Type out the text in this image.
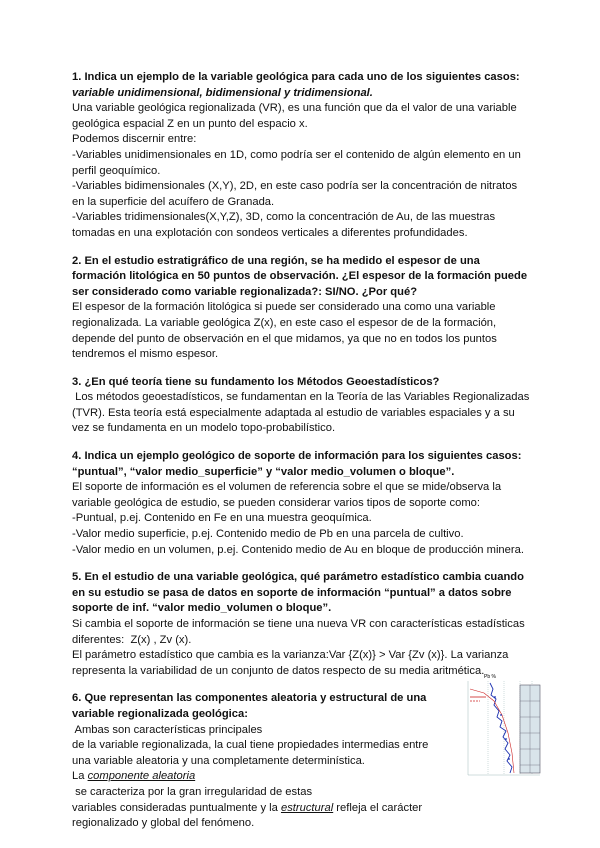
1. Indica un ejemplo de la variable geológica para cada uno de los siguientes casos:

variable unidimensional, bidimensional y tridimensional.

Una variable geológica regionalizada (VR), es una función que da el valor de una variable

geológica espacial Z en un punto del espacio x.

Podemos discernir entre:

-Variables unidimensionales en 1D, como podría ser el contenido de algún elemento en un

perfil geoquímico.

-Variables bidimensionales (X,Y), 2D, en este caso podría ser la concentración de nitratos

en la superficie del acuífero de Granada.

-Variables tridimensionales(X,Y,Z), 3D, como la concentración de Au, de las muestras

tomadas en una explotación con sondeos verticales a diferentes profundidades.

2. En el estudio estratigráfico de una región, se ha medido el espesor de una

formación litológica en 50 puntos de observación. ¿El espesor de la formación puede

ser considerado como variable regionalizada?: SI/NO. ¿Por qué?

El espesor de la formación litológica si puede ser considerado una como una variable

regionalizada. La variable geológica Z(x), en este caso el espesor de de la formación,

depende del punto de observación en el que midamos, ya que no en todos los puntos

tendremos el mismo espesor.

3. ¿En qué teoría tiene su fundamento los Métodos Geoestadísticos?

Los métodos geoestadísticos, se fundamentan en la Teoría de las Variables Regionalizadas

(TVR). Esta teoría está especialmente adaptada al estudio de variables espaciales y a su

vez se fundamenta en un modelo topo-probabilístico.

4. Indica un ejemplo geológico de soporte de información para los siguientes casos:

“puntual”, “valor medio_superficie” y “valor medio_volumen o bloque”.

El soporte de información es el volumen de referencia sobre el que se mide/observa la

variable geológica de estudio, se pueden considerar varios tipos de soporte como:

-Puntual, p.ej. Contenido en Fe en una muestra geoquímica.

-Valor medio superficie, p.ej. Contenido medio de Pb en una parcela de cultivo.

-Valor medio en un volumen, p.ej. Contenido medio de Au en bloque de producción minera.

5. En el estudio de una variable geológica, qué parámetro estadístico cambia cuando

en su estudio se pasa de datos en soporte de información “puntual” a datos sobre

soporte de inf. “valor medio_volumen o bloque”.

Si cambia el soporte de información se tiene una nueva VR con características estadísticas

diferentes:  Z(x) , Zv (x).

El parámetro estadístico que cambia es la varianza:Var {Z(x)} > Var {Zv (x)}. La varianza

representa la variabilidad de un conjunto de datos respecto de su media aritmética.

6. Que representan las componentes aleatoria y estructural de una

variable regionalizada geológica: Ambas son características principales

de la variable regionalizada, la cual tiene propiedades intermedias entre

una variable aleatoria y una completamente determinística.

La componente aleatoria se caracteriza por la gran irregularidad de estas

variables consideradas puntualmente y la estructural refleja el carácter

regionalizado y global del fenómeno.

Pb %
